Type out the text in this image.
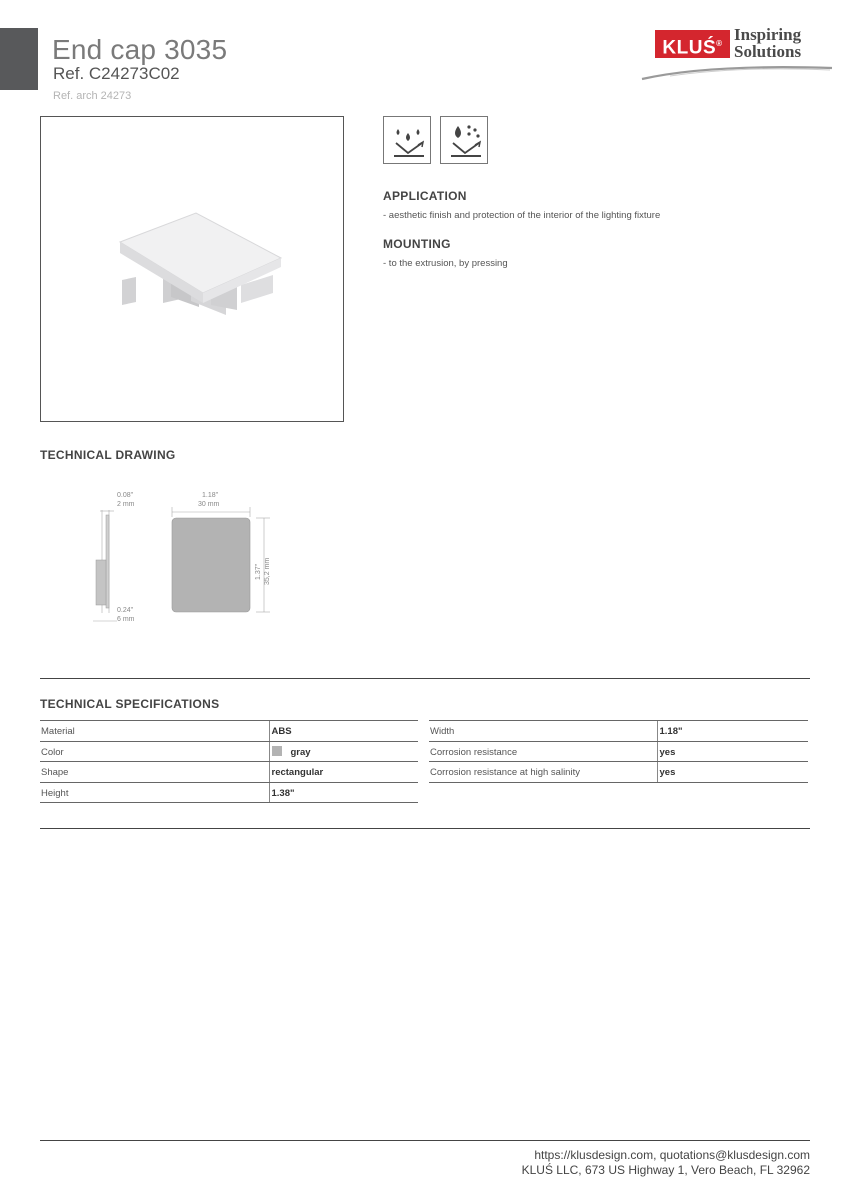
End cap 3035
Ref. C24273C02
Ref. arch 24273
KLUŚ® Inspiring
Solutions
APPLICATION
- aesthetic finish and protection of the interior of the lighting fixture
MOUNTING
- to the extrusion, by pressing
TECHNICAL DRAWING
0.08"
2 mm
0.24"
6 mm
1.18"
30 mm
1.37" 35,2 mm
TECHNICAL SPECIFICATIONS
Material	ABS
Color	gray
Shape	rectangular
Height	1.38"
Width	1.18"
Corrosion resistance	yes
Corrosion resistance at high salinity	yes
https://klusdesign.com, quotations@klusdesign.com
KLUŚ LLC, 673 US Highway 1, Vero Beach, FL 32962
